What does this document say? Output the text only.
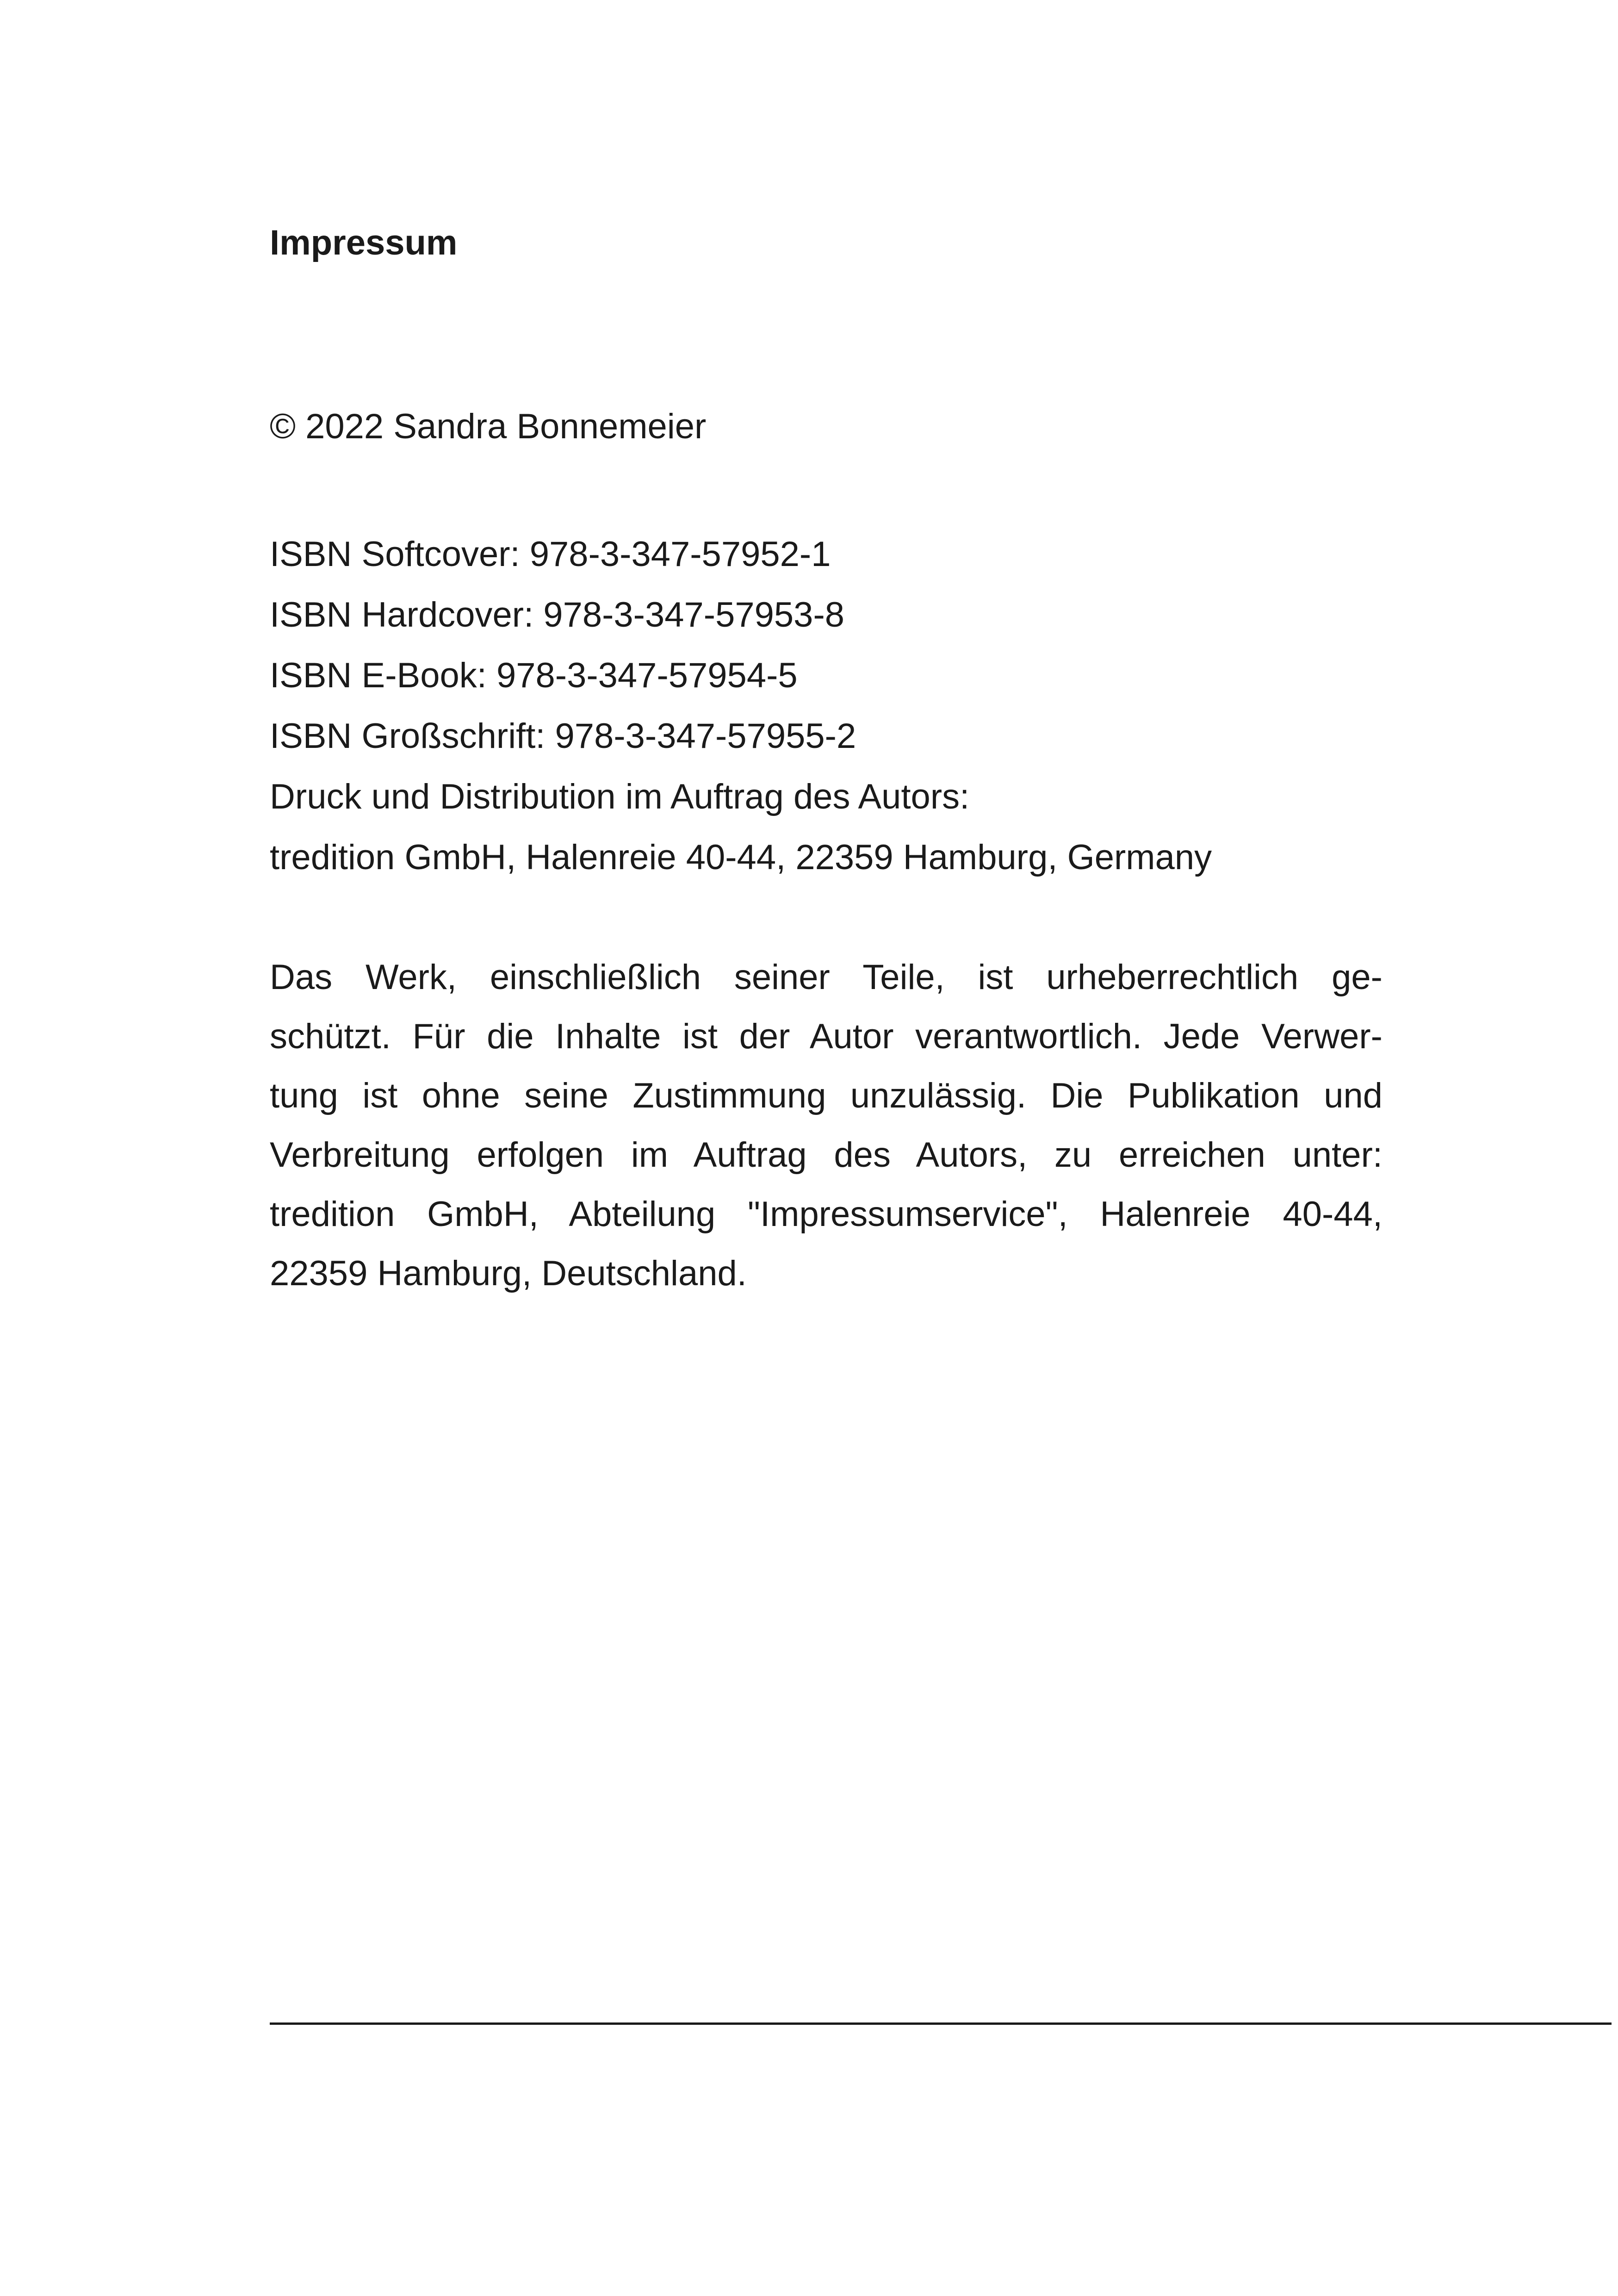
Impressum

© 2022 Sandra Bonnemeier

ISBN Softcover: 978-3-347-57952-1
ISBN Hardcover: 978-3-347-57953-8
ISBN E-Book: 978-3-347-57954-5
ISBN Großschrift: 978-3-347-57955-2
Druck und Distribution im Auftrag des Autors:
tredition GmbH, Halenreie 40-44, 22359 Hamburg, Germany

Das Werk, einschließlich seiner Teile, ist urheberrechtlich ge-
schützt. Für die Inhalte ist der Autor verantwortlich. Jede Verwer-
tung ist ohne seine Zustimmung unzulässig. Die Publikation und
Verbreitung erfolgen im Auftrag des Autors, zu erreichen unter:
tredition GmbH, Abteilung "Impressumservice", Halenreie 40-44,
22359 Hamburg, Deutschland.
